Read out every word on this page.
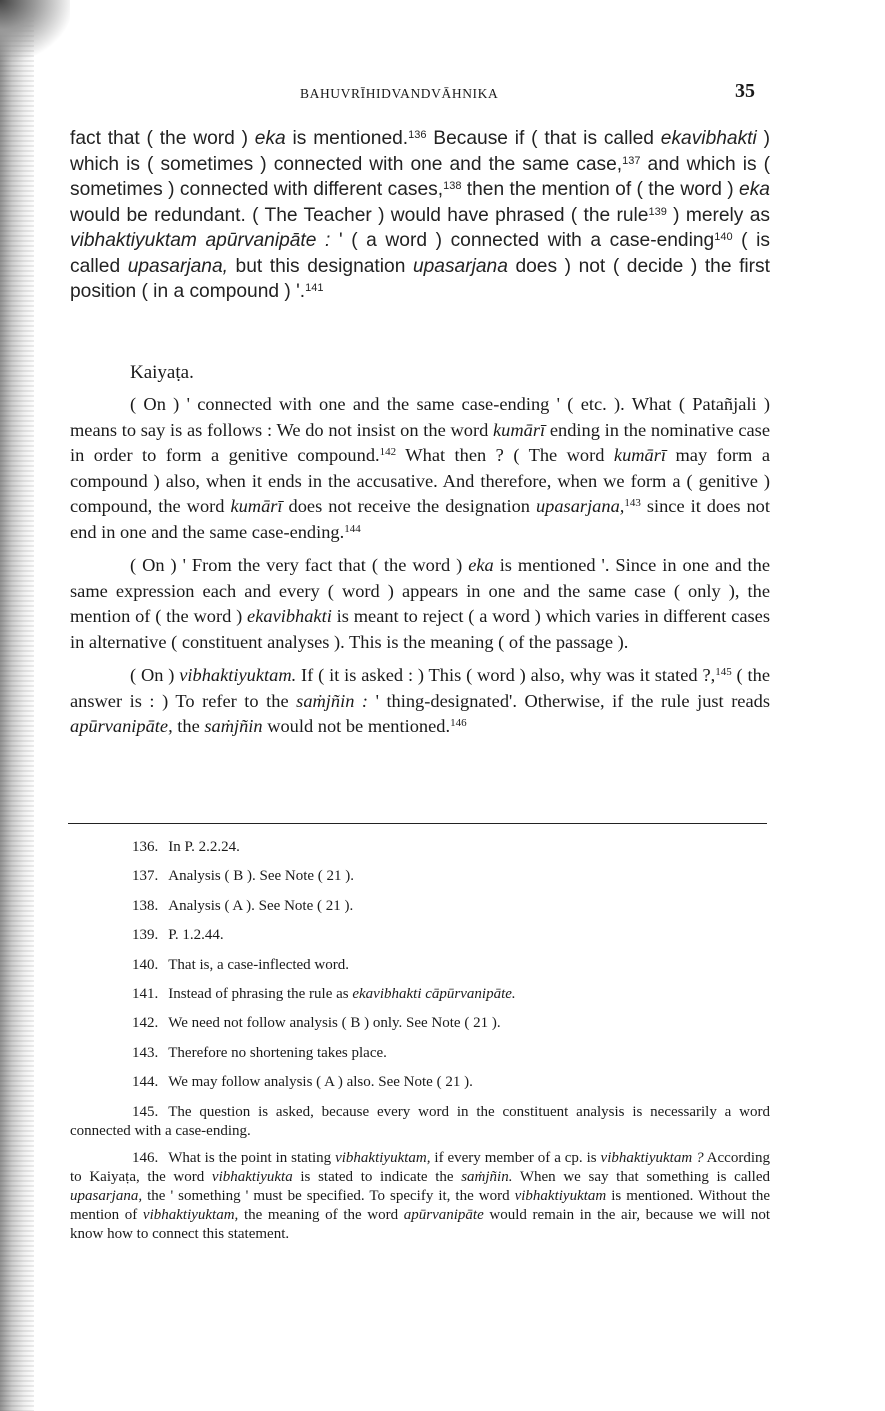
BAHUVRĪHIDVANDVĀHNIKA	35

fact that ( the word ) eka is mentioned.$^{136}$ Because if ( that is called ekavibhakti ) which is ( sometimes ) connected with one and the same case,$^{137}$ and which is ( sometimes ) connected with different cases,$^{138}$ then the mention of ( the word ) eka would be redundant. ( The Teacher ) would have phrased ( the rule$^{139}$ ) merely as vibhaktiyuktam apūrvanipāte : ' ( a word ) connected with a case-ending$^{140}$ ( is called upasarjana, but this designation upasarjana does ) not ( decide ) the first position ( in a compound ) '.$^{141}$

Kaiyaṭa.

( On ) ' connected with one and the same case-ending ' ( etc. ). What ( Patañjali ) means to say is as follows : We do not insist on the word kumārī ending in the nominative case in order to form a genitive compound.$^{142}$ What then ? ( The word kumārī may form a compound ) also, when it ends in the accusative. And therefore, when we form a ( genitive ) compound, the word kumārī does not receive the designation upasarjana,$^{143}$ since it does not end in one and the same case-ending.$^{144}$

( On ) ' From the very fact that ( the word ) eka is mentioned '. Since in one and the same expression each and every ( word ) appears in one and the same case ( only ), the mention of ( the word ) ekavibhakti is meant to reject ( a word ) which varies in different cases in alternative ( constituent analyses ). This is the meaning ( of the passage ).

( On ) vibhaktiyuktam. If ( it is asked : ) This ( word ) also, why was it stated ?,$^{145}$ ( the answer is : ) To refer to the saṁjñin : ' thing-designated'. Otherwise, if the rule just reads apūrvanipāte, the saṁjñin would not be mentioned.$^{146}$

136. In P. 2.2.24.
137. Analysis ( B ). See Note ( 21 ).
138. Analysis ( A ). See Note ( 21 ).
139. P. 1.2.44.
140. That is, a case-inflected word.
141. Instead of phrasing the rule as ekavibhakti cāpūrvanipāte.
142. We need not follow analysis ( B ) only. See Note ( 21 ).
143. Therefore no shortening takes place.
144. We may follow analysis ( A ) also. See Note ( 21 ).
145. The question is asked, because every word in the constituent analysis is necessarily a word connected with a case-ending.
146. What is the point in stating vibhaktiyuktam, if every member of a cp. is vibhaktiyuktam ? According to Kaiyaṭa, the word vibhaktiyukta is stated to indicate the saṁjñin. When we say that something is called upasarjana, the ' something ' must be specified. To specify it, the word vibhaktiyuktam is mentioned. Without the mention of vibhaktiyuktam, the meaning of the word apūrvanipāte would remain in the air, because we will not know how to connect this statement.
